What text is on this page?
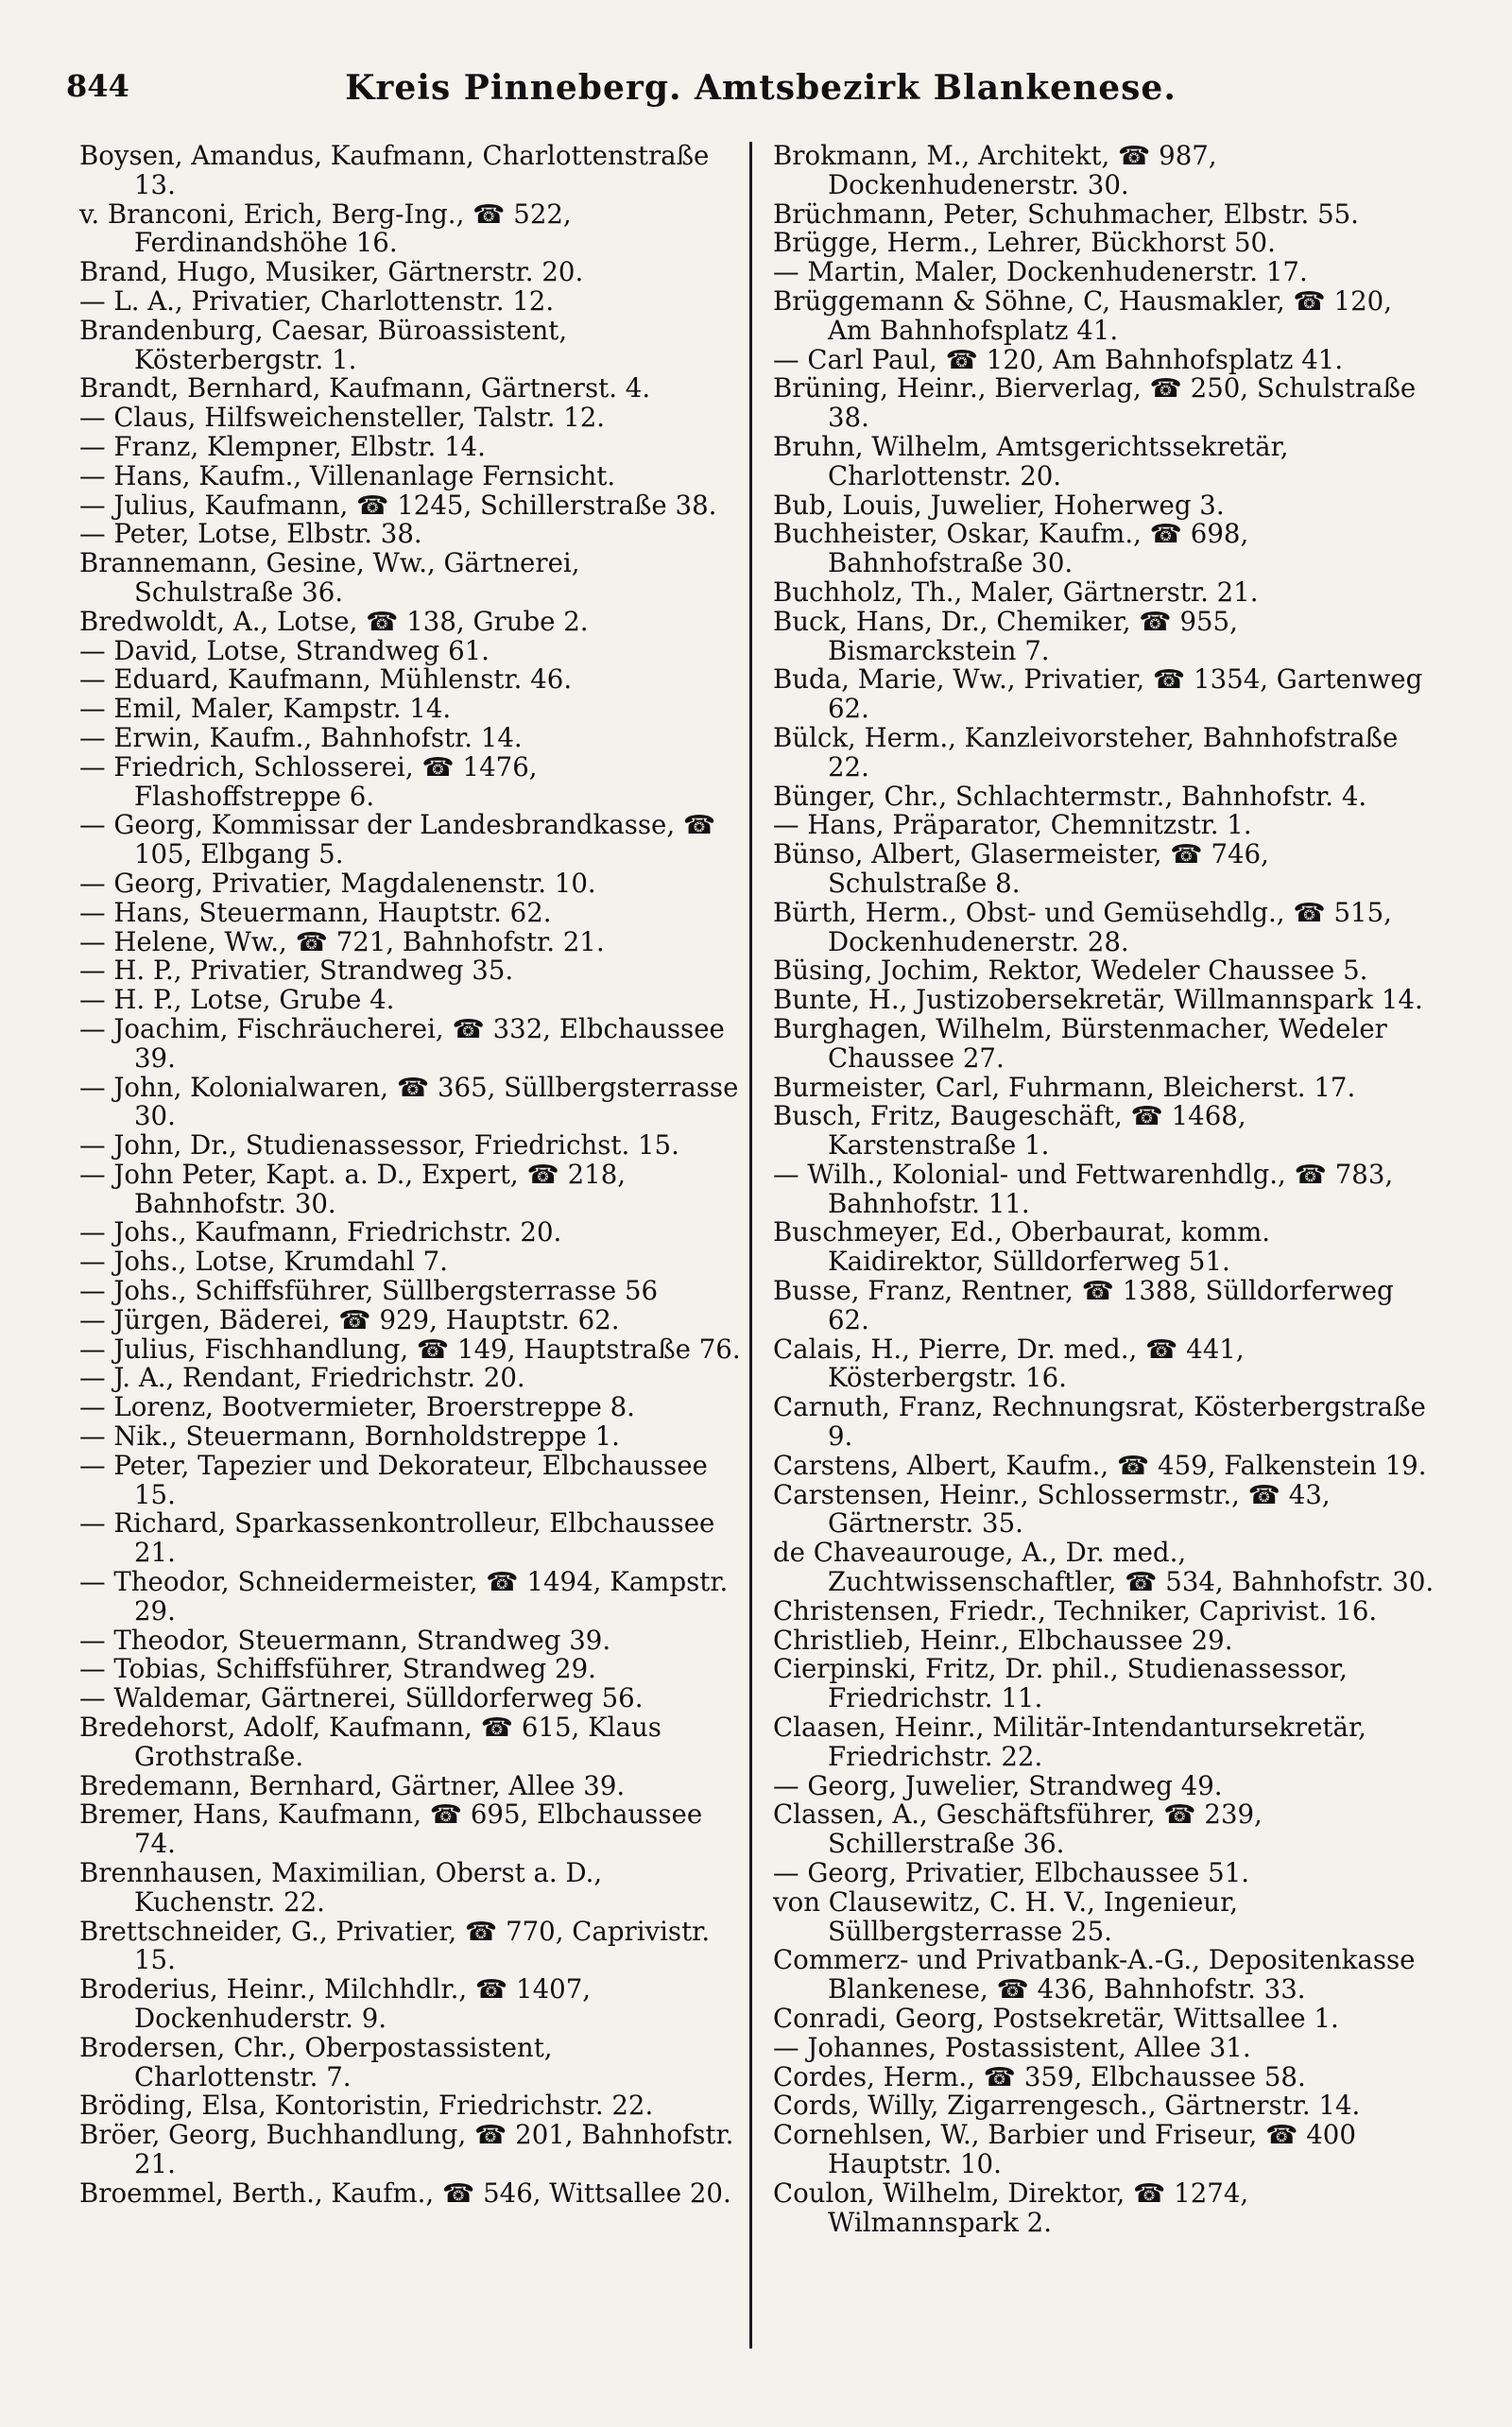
844	Kreis Pinneberg. Amtsbezirk Blankenese.

Boysen, Amandus, Kaufmann, Charlottenstraße 13.

v. Branconi, Erich, Berg-Ing., ☎ 522, Ferdinandshöhe 16.

Brand, Hugo, Musiker, Gärtnerstr. 20.

— L. A., Privatier, Charlottenstr. 12.

Brandenburg, Caesar, Büroassistent, Kösterbergstr. 1.

Brandt, Bernhard, Kaufmann, Gärtnerst. 4.

— Claus, Hilfsweichensteller, Talstr. 12.

— Franz, Klempner, Elbstr. 14.

— Hans, Kaufm., Villenanlage Fernsicht.

— Julius, Kaufmann, ☎ 1245, Schillerstraße 38.

— Peter, Lotse, Elbstr. 38.

Brannemann, Gesine, Ww., Gärtnerei, Schulstraße 36.

Bredwoldt, A., Lotse, ☎ 138, Grube 2.

— David, Lotse, Strandweg 61.

— Eduard, Kaufmann, Mühlenstr. 46.

— Emil, Maler, Kampstr. 14.

— Erwin, Kaufm., Bahnhofstr. 14.

— Friedrich, Schlosserei, ☎ 1476, Flashoffstreppe 6.

— Georg, Kommissar der Landesbrandkasse, ☎ 105, Elbgang 5.

— Georg, Privatier, Magdalenenstr. 10.

— Hans, Steuermann, Hauptstr. 62.

— Helene, Ww., ☎ 721, Bahnhofstr. 21.

— H. P., Privatier, Strandweg 35.

— H. P., Lotse, Grube 4.

— Joachim, Fischräucherei, ☎ 332, Elbchaussee 39.

— John, Kolonialwaren, ☎ 365, Süllbergsterrasse 30.

— John, Dr., Studienassessor, Friedrichst. 15.

— John Peter, Kapt. a. D., Expert, ☎ 218, Bahnhofstr. 30.

— Johs., Kaufmann, Friedrichstr. 20.

— Johs., Lotse, Krumdahl 7.

— Johs., Schiffsführer, Süllbergsterrasse 56

— Jürgen, Bäderei, ☎ 929, Hauptstr. 62.

— Julius, Fischhandlung, ☎ 149, Hauptstraße 76.

— J. A., Rendant, Friedrichstr. 20.

— Lorenz, Bootvermieter, Broerstreppe 8.

— Nik., Steuermann, Bornholdstreppe 1.

— Peter, Tapezier und Dekorateur, Elbchaussee 15.

— Richard, Sparkassenkontrolleur, Elbchaussee 21.

— Theodor, Schneidermeister, ☎ 1494, Kampstr. 29.

— Theodor, Steuermann, Strandweg 39.

— Tobias, Schiffsführer, Strandweg 29.

— Waldemar, Gärtnerei, Sülldorferweg 56.

Bredehorst, Adolf, Kaufmann, ☎ 615, Klaus Grothstraße.

Bredemann, Bernhard, Gärtner, Allee 39.

Bremer, Hans, Kaufmann, ☎ 695, Elbchaussee 74.

Brennhausen, Maximilian, Oberst a. D., Kuchenstr. 22.

Brettschneider, G., Privatier, ☎ 770, Caprivistr. 15.

Broderius, Heinr., Milchhdlr., ☎ 1407, Dockenhuderstr. 9.

Brodersen, Chr., Oberpostassistent, Charlottenstr. 7.

Bröding, Elsa, Kontoristin, Friedrichstr. 22.

Bröer, Georg, Buchhandlung, ☎ 201, Bahnhofstr. 21.

Broemmel, Berth., Kaufm., ☎ 546, Wittsallee 20.

Brokmann, M., Architekt, ☎ 987, Dockenhudenerstr. 30.

Brüchmann, Peter, Schuhmacher, Elbstr. 55.

Brügge, Herm., Lehrer, Bückhorst 50.

— Martin, Maler, Dockenhudenerstr. 17.

Brüggemann & Söhne, C, Hausmakler, ☎ 120, Am Bahnhofsplatz 41.

— Carl Paul, ☎ 120, Am Bahnhofsplatz 41.

Brüning, Heinr., Bierverlag, ☎ 250, Schulstraße 38.

Bruhn, Wilhelm, Amtsgerichtssekretär, Charlottenstr. 20.

Bub, Louis, Juwelier, Hoherweg 3.

Buchheister, Oskar, Kaufm., ☎ 698, Bahnhofstraße 30.

Buchholz, Th., Maler, Gärtnerstr. 21.

Buck, Hans, Dr., Chemiker, ☎ 955, Bismarckstein 7.

Buda, Marie, Ww., Privatier, ☎ 1354, Gartenweg 62.

Bülck, Herm., Kanzleivorsteher, Bahnhofstraße 22.

Bünger, Chr., Schlachtermstr., Bahnhofstr. 4.

— Hans, Präparator, Chemnitzstr. 1.

Bünso, Albert, Glasermeister, ☎ 746, Schulstraße 8.

Bürth, Herm., Obst- und Gemüsehdlg., ☎ 515, Dockenhudenerstr. 28.

Büsing, Jochim, Rektor, Wedeler Chaussee 5.

Bunte, H., Justizobersekretär, Willmannspark 14.

Burghagen, Wilhelm, Bürstenmacher, Wedeler Chaussee 27.

Burmeister, Carl, Fuhrmann, Bleicherst. 17.

Busch, Fritz, Baugeschäft, ☎ 1468, Karstenstraße 1.

— Wilh., Kolonial- und Fettwarenhdlg., ☎ 783, Bahnhofstr. 11.

Buschmeyer, Ed., Oberbaurat, komm. Kaidirektor, Sülldorferweg 51.

Busse, Franz, Rentner, ☎ 1388, Sülldorferweg 62.

Calais, H., Pierre, Dr. med., ☎ 441, Kösterbergstr. 16.

Carnuth, Franz, Rechnungsrat, Kösterbergstraße 9.

Carstens, Albert, Kaufm., ☎ 459, Falkenstein 19.

Carstensen, Heinr., Schlossermstr., ☎ 43, Gärtnerstr. 35.

de Chaveaurouge, A., Dr. med., Zuchtwissenschaftler, ☎ 534, Bahnhofstr. 30.

Christensen, Friedr., Techniker, Caprivist. 16.

Christlieb, Heinr., Elbchaussee 29.

Cierpinski, Fritz, Dr. phil., Studienassessor, Friedrichstr. 11.

Claasen, Heinr., Militär-Intendantursekretär, Friedrichstr. 22.

— Georg, Juwelier, Strandweg 49.

Classen, A., Geschäftsführer, ☎ 239, Schillerstraße 36.

— Georg, Privatier, Elbchaussee 51.

von Clausewitz, C. H. V., Ingenieur, Süllbergsterrasse 25.

Commerz- und Privatbank-A.-G., Depositenkasse Blankenese, ☎ 436, Bahnhofstr. 33.

Conradi, Georg, Postsekretär, Wittsallee 1.

— Johannes, Postassistent, Allee 31.

Cordes, Herm., ☎ 359, Elbchaussee 58.

Cords, Willy, Zigarrengesch., Gärtnerstr. 14.

Cornehlsen, W., Barbier und Friseur, ☎ 400 Hauptstr. 10.

Coulon, Wilhelm, Direktor, ☎ 1274, Wilmannspark 2.
